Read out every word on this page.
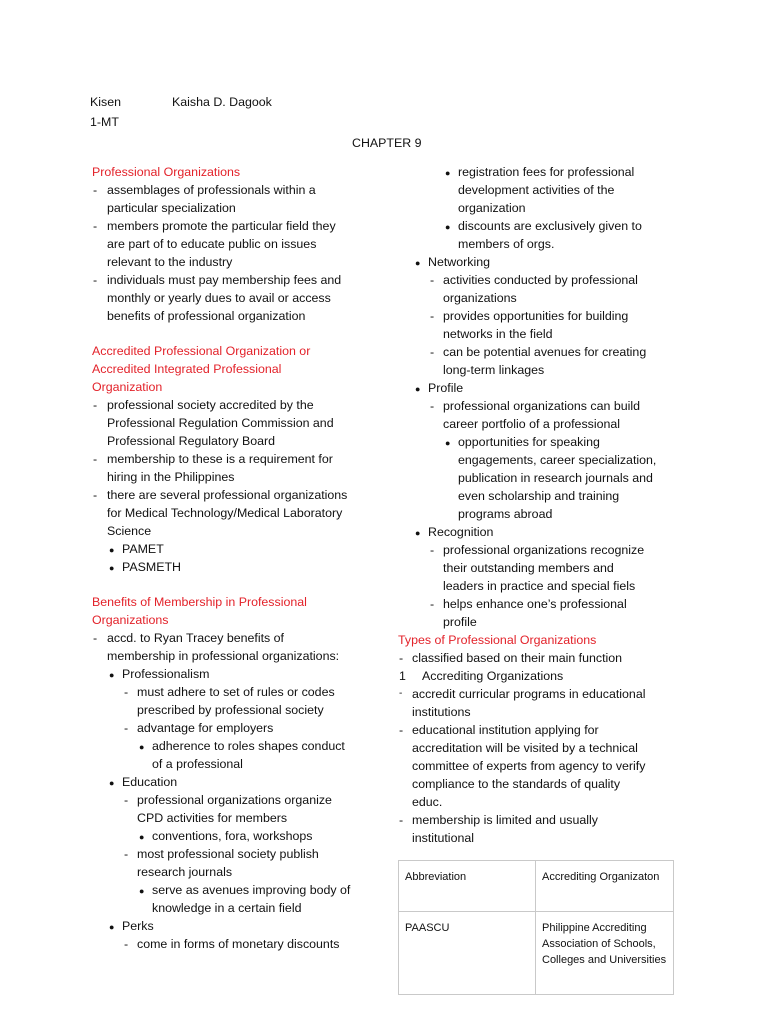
Kisen	Kaisha D. Dagook
1-MT
CHAPTER 9
Professional Organizations
-
assemblages of professionals within a
particular specialization
-
members promote the particular field they
are part of to educate public on issues
relevant to the industry
-
individuals must pay membership fees and
monthly or yearly dues to avail or access
benefits of professional organization
Accredited Professional Organization or
Accredited Integrated Professional
Organization
-
professional society accredited by the
Professional Regulation Commission and
Professional Regulatory Board
-
membership to these is a requirement for
hiring in the Philippines
-
there are several professional organizations
for Medical Technology/Medical Laboratory
Science
●
PAMET
●
PASMETH
Benefits of Membership in Professional
Organizations
-
accd. to Ryan Tracey benefits of
membership in professional organizations:
●
Professionalism
-
must adhere to set of rules or codes
prescribed by professional society
-
advantage for employers
●
adherence to roles shapes conduct
of a professional
●
Education
-
professional organizations organize
CPD activities for members
●
conventions, fora, workshops
-
most professional society publish
research journals
●
serve as avenues improving body of
knowledge in a certain field
●
Perks
-
come in forms of monetary discounts
●
registration fees for professional
development activities of the
organization
●
discounts are exclusively given to
members of orgs.
●
Networking
-
activities conducted by professional
organizations
-
provides opportunities for building
networks in the field
-
can be potential avenues for creating
long-term linkages
●
Profile
-
professional organizations can build
career portfolio of a professional
●
opportunities for speaking
engagements, career specialization,
publication in research journals and
even scholarship and training
programs abroad
●
Recognition
-
professional organizations recognize
their outstanding members and
leaders in practice and special fiels
-
helps enhance one’s professional
profile
Types of Professional Organizations
-
classified based on their main function
1 Accrediting Organizations
- accredit curricular programs in educational
institutions
-
educational institution applying for
accreditation will be visited by a technical
committee of experts from agency to verify
compliance to the standards of quality
educ.
-
membership is limited and usually
institutional
Abbreviation	Accrediting Organizaton
PAASCU	Philippine Accrediting Association of Schools, Colleges and Universities
